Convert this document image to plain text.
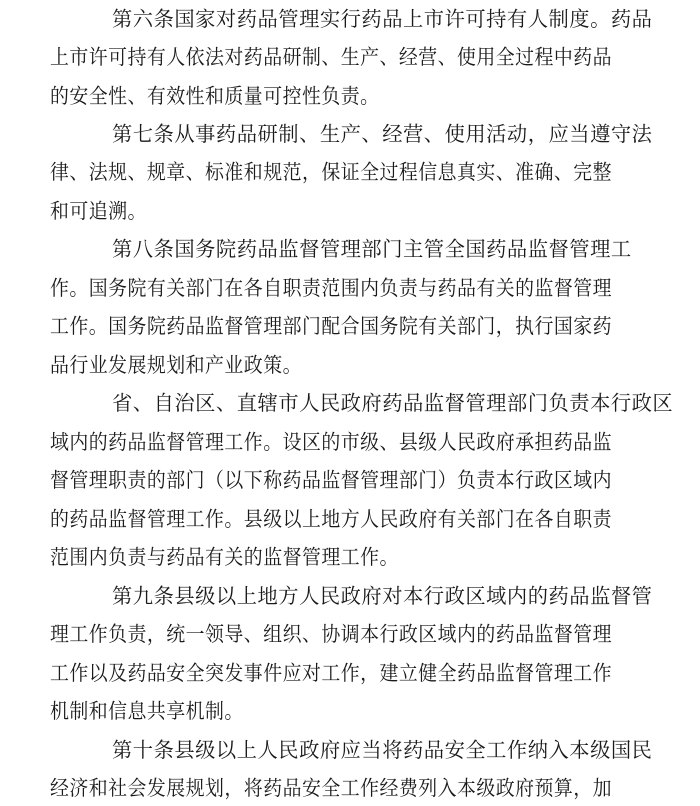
第六条国家对药品管理实行药品上市许可持有人制度。药品
上市许可持有人依法对药品研制、生产、经营、使用全过程中药品
的安全性、有效性和质量可控性负责。
第七条从事药品研制、生产、经营、使用活动，应当遵守法
律、法规、规章、标准和规范，保证全过程信息真实、准确、完整
和可追溯。
第八条国务院药品监督管理部门主管全国药品监督管理工
作。国务院有关部门在各自职责范围内负责与药品有关的监督管理
工作。国务院药品监督管理部门配合国务院有关部门，执行国家药
品行业发展规划和产业政策。
省、自治区、直辖市人民政府药品监督管理部门负责本行政区
域内的药品监督管理工作。设区的市级、县级人民政府承担药品监
督管理职责的部门（以下称药品监督管理部门）负责本行政区域内
的药品监督管理工作。县级以上地方人民政府有关部门在各自职责
范围内负责与药品有关的监督管理工作。
第九条县级以上地方人民政府对本行政区域内的药品监督管
理工作负责，统一领导、组织、协调本行政区域内的药品监督管理
工作以及药品安全突发事件应对工作，建立健全药品监督管理工作
机制和信息共享机制。
第十条县级以上人民政府应当将药品安全工作纳入本级国民
经济和社会发展规划，将药品安全工作经费列入本级政府预算，加
